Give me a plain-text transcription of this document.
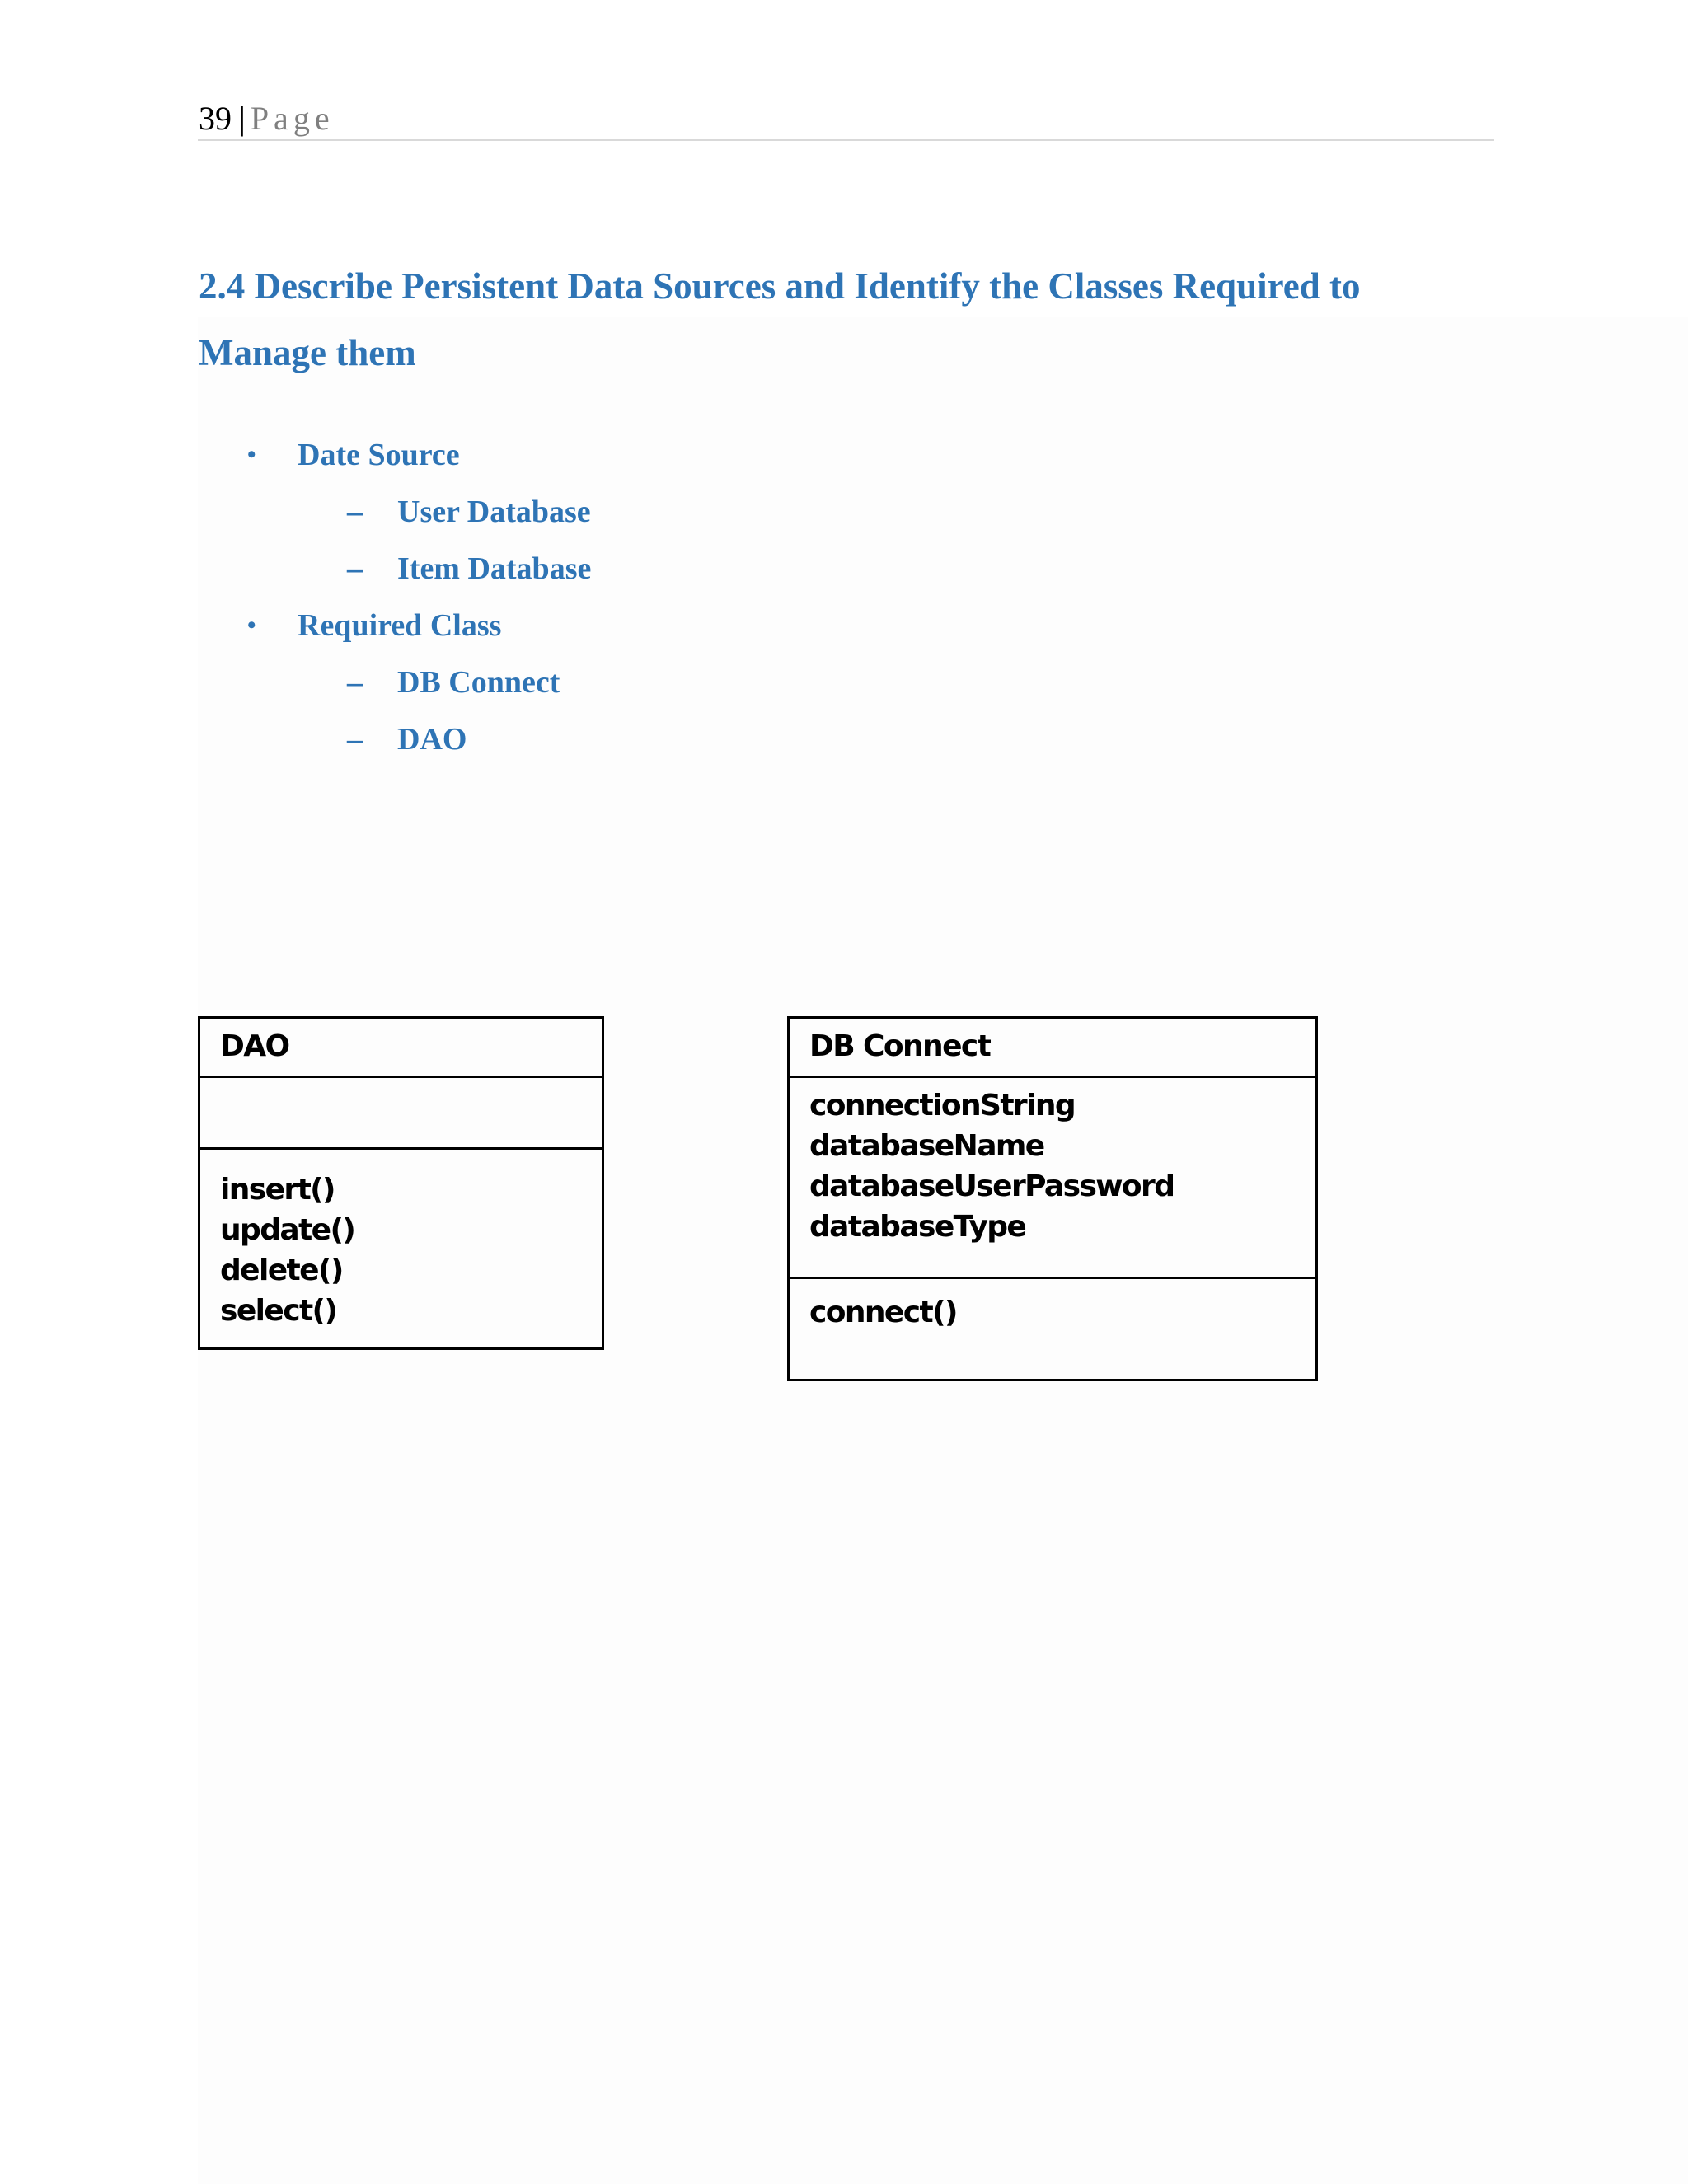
39 | Page
2.4 Describe Persistent Data Sources and Identify the Classes Required to Manage them
• Date Source
– User Database
– Item Database
• Required Class
– DB Connect
– DAO
DAO
insert()
update()
delete()
select()
DB Connect
connectionString
databaseName
databaseUserPassword
databaseType
connect()
